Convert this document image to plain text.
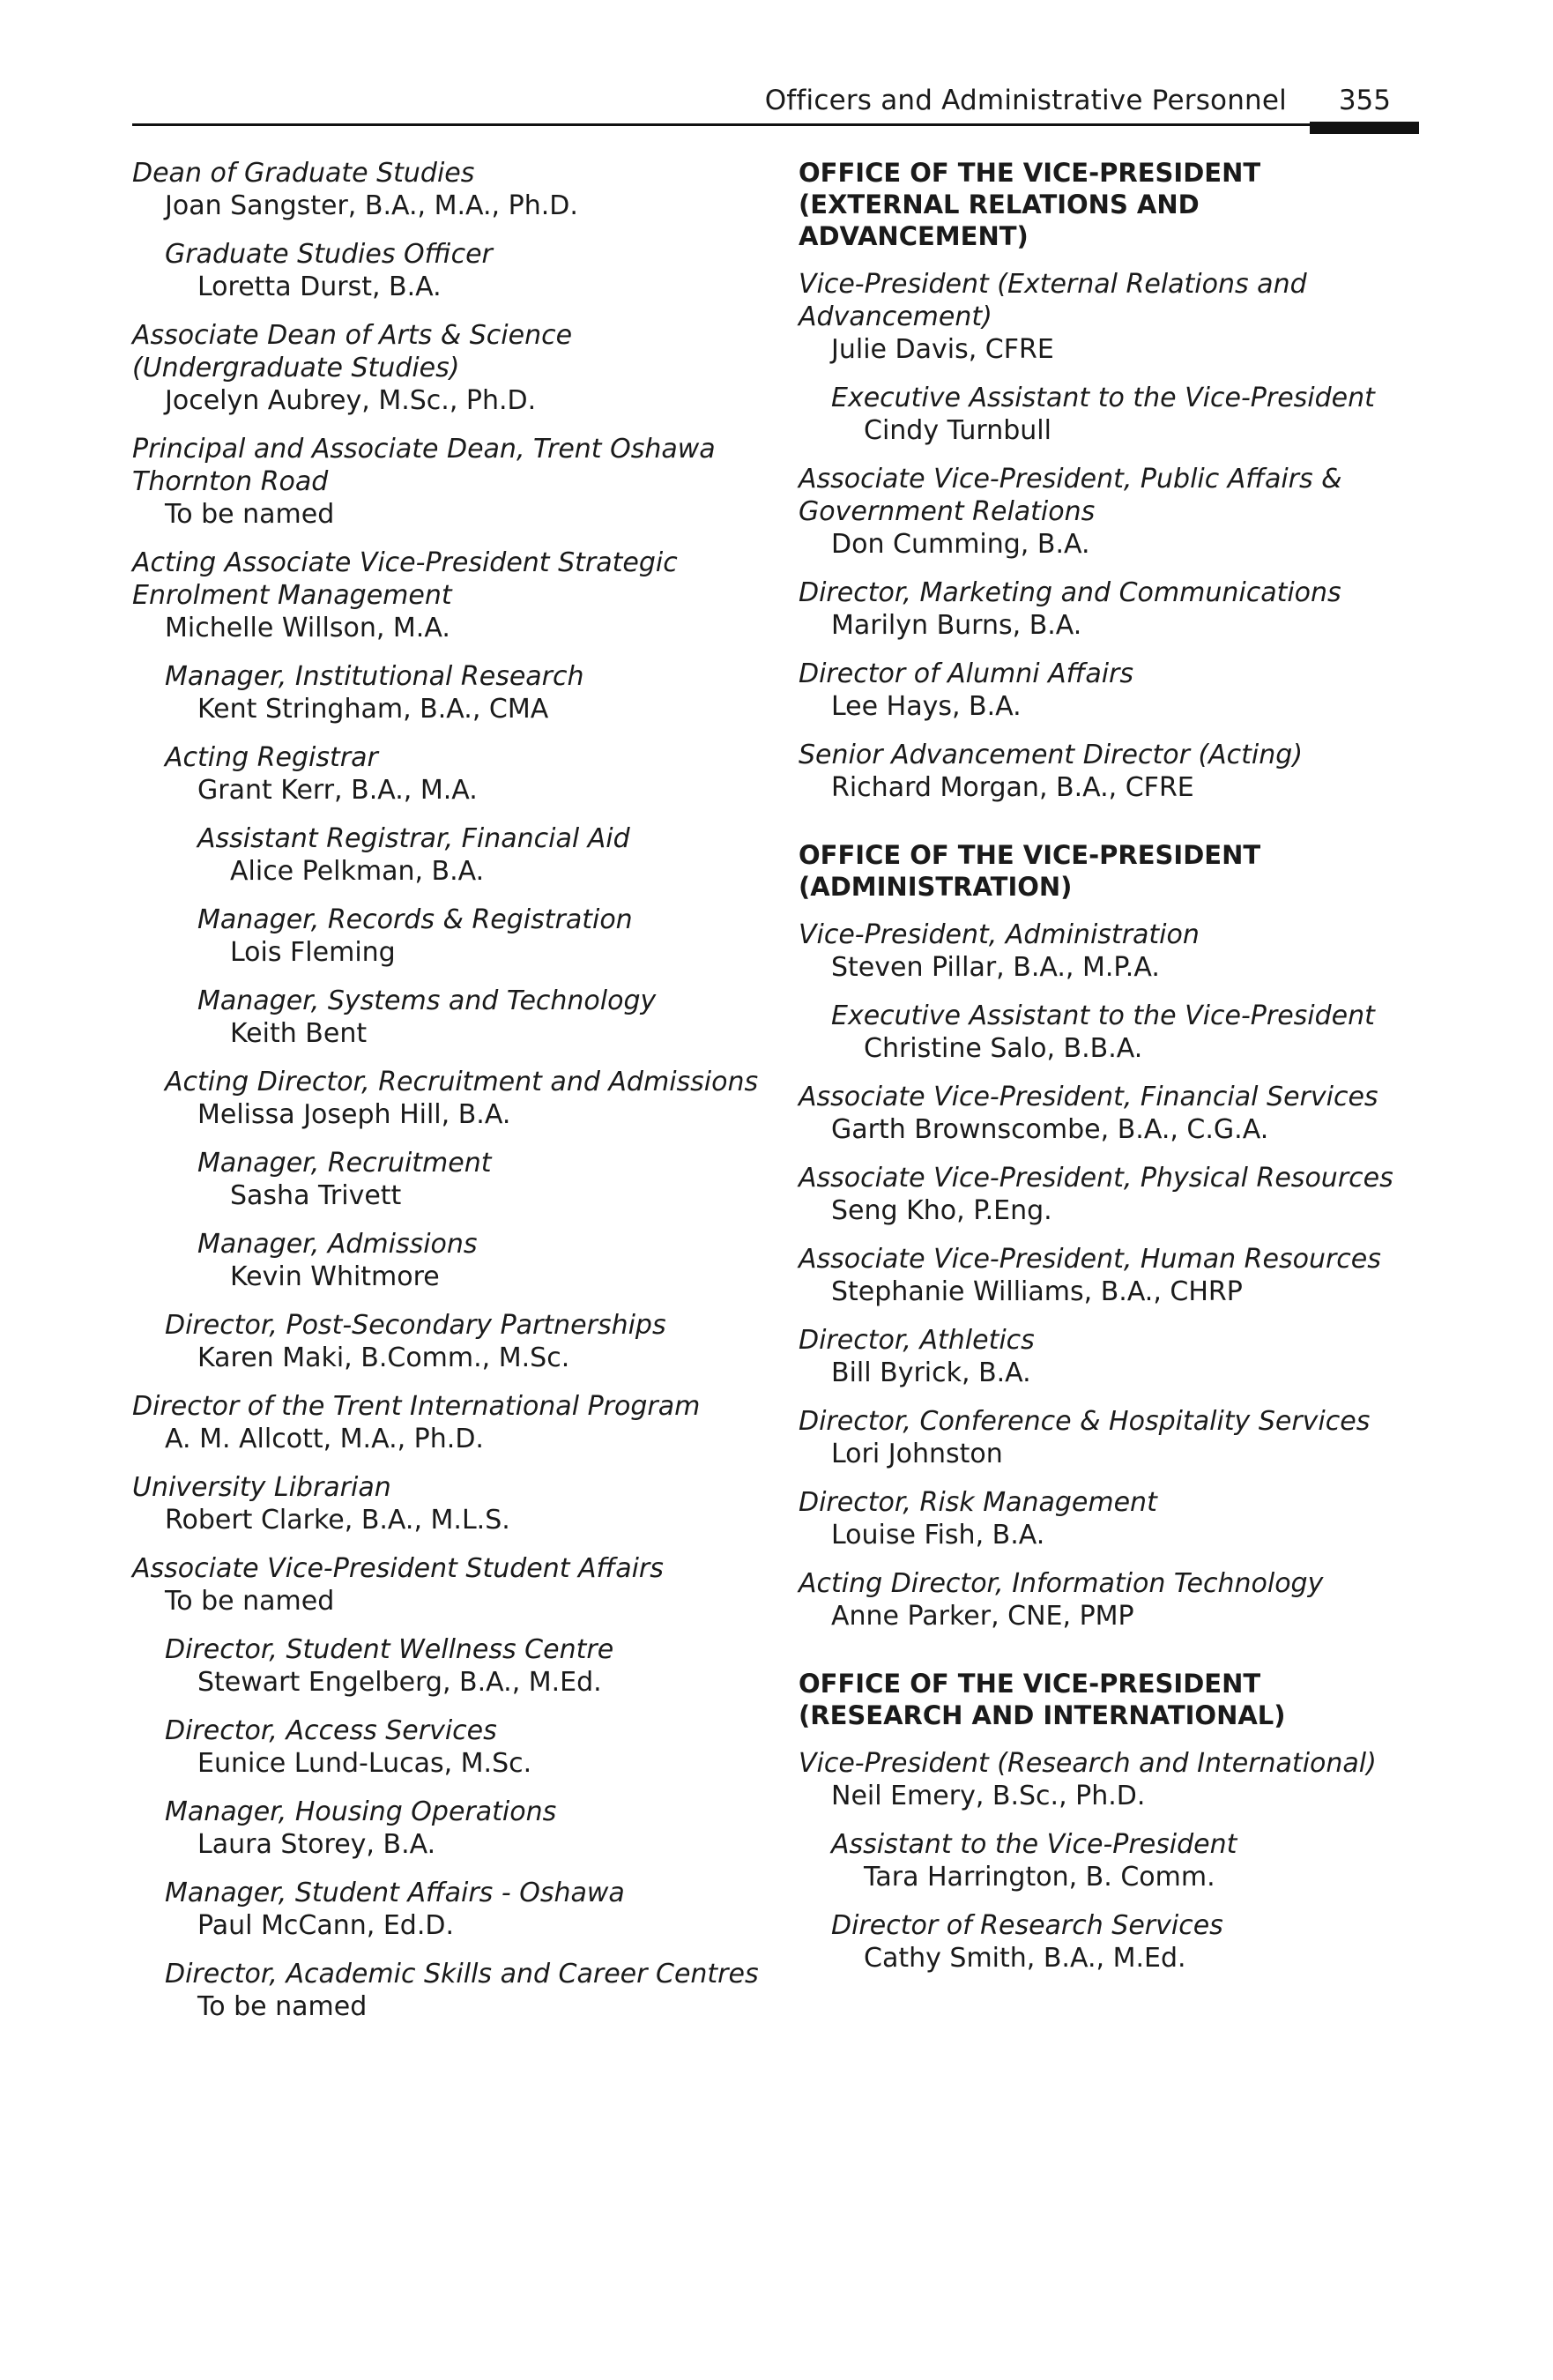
Officers and Administrative Personnel 355
Dean of Graduate Studies
Joan Sangster, B.A., M.A., Ph.D.
Graduate Studies Officer
Loretta Durst, B.A.
Associate Dean of Arts & Science
(Undergraduate Studies)
Jocelyn Aubrey, M.Sc., Ph.D.
Principal and Associate Dean, Trent Oshawa
Thornton Road
To be named
Acting Associate Vice-President Strategic
Enrolment Management
Michelle Willson, M.A.
Manager, Institutional Research
Kent Stringham, B.A., CMA
Acting Registrar
Grant Kerr, B.A., M.A.
Assistant Registrar, Financial Aid
Alice Pelkman, B.A.
Manager, Records & Registration
Lois Fleming
Manager, Systems and Technology
Keith Bent
Acting Director, Recruitment and Admissions
Melissa Joseph Hill, B.A.
Manager, Recruitment
Sasha Trivett
Manager, Admissions
Kevin Whitmore
Director, Post-Secondary Partnerships
Karen Maki, B.Comm., M.Sc.
Director of the Trent International Program
A. M. Allcott, M.A., Ph.D.
University Librarian
Robert Clarke, B.A., M.L.S.
Associate Vice-President Student Affairs
To be named
Director, Student Wellness Centre
Stewart Engelberg, B.A., M.Ed.
Director, Access Services
Eunice Lund-Lucas, M.Sc.
Manager, Housing Operations
Laura Storey, B.A.
Manager, Student Affairs - Oshawa
Paul McCann, Ed.D.
Director, Academic Skills and Career Centres
To be named
OFFICE OF THE VICE-PRESIDENT
(EXTERNAL RELATIONS AND ADVANCEMENT)
Vice-President (External Relations and
Advancement)
Julie Davis, CFRE
Executive Assistant to the Vice-President
Cindy Turnbull
Associate Vice-President, Public Affairs &
Government Relations
Don Cumming, B.A.
Director, Marketing and Communications
Marilyn Burns, B.A.
Director of Alumni Affairs
Lee Hays, B.A.
Senior Advancement Director (Acting)
Richard Morgan, B.A., CFRE
OFFICE OF THE VICE-PRESIDENT
(ADMINISTRATION)
Vice-President, Administration
Steven Pillar, B.A., M.P.A.
Executive Assistant to the Vice-President
Christine Salo, B.B.A.
Associate Vice-President, Financial Services
Garth Brownscombe, B.A., C.G.A.
Associate Vice-President, Physical Resources
Seng Kho, P.Eng.
Associate Vice-President, Human Resources
Stephanie Williams, B.A., CHRP
Director, Athletics
Bill Byrick, B.A.
Director, Conference & Hospitality Services
Lori Johnston
Director, Risk Management
Louise Fish, B.A.
Acting Director, Information Technology
Anne Parker, CNE, PMP
OFFICE OF THE VICE-PRESIDENT
(RESEARCH AND INTERNATIONAL)
Vice-President (Research and International)
Neil Emery, B.Sc., Ph.D.
Assistant to the Vice-President
Tara Harrington, B. Comm.
Director of Research Services
Cathy Smith, B.A., M.Ed.
